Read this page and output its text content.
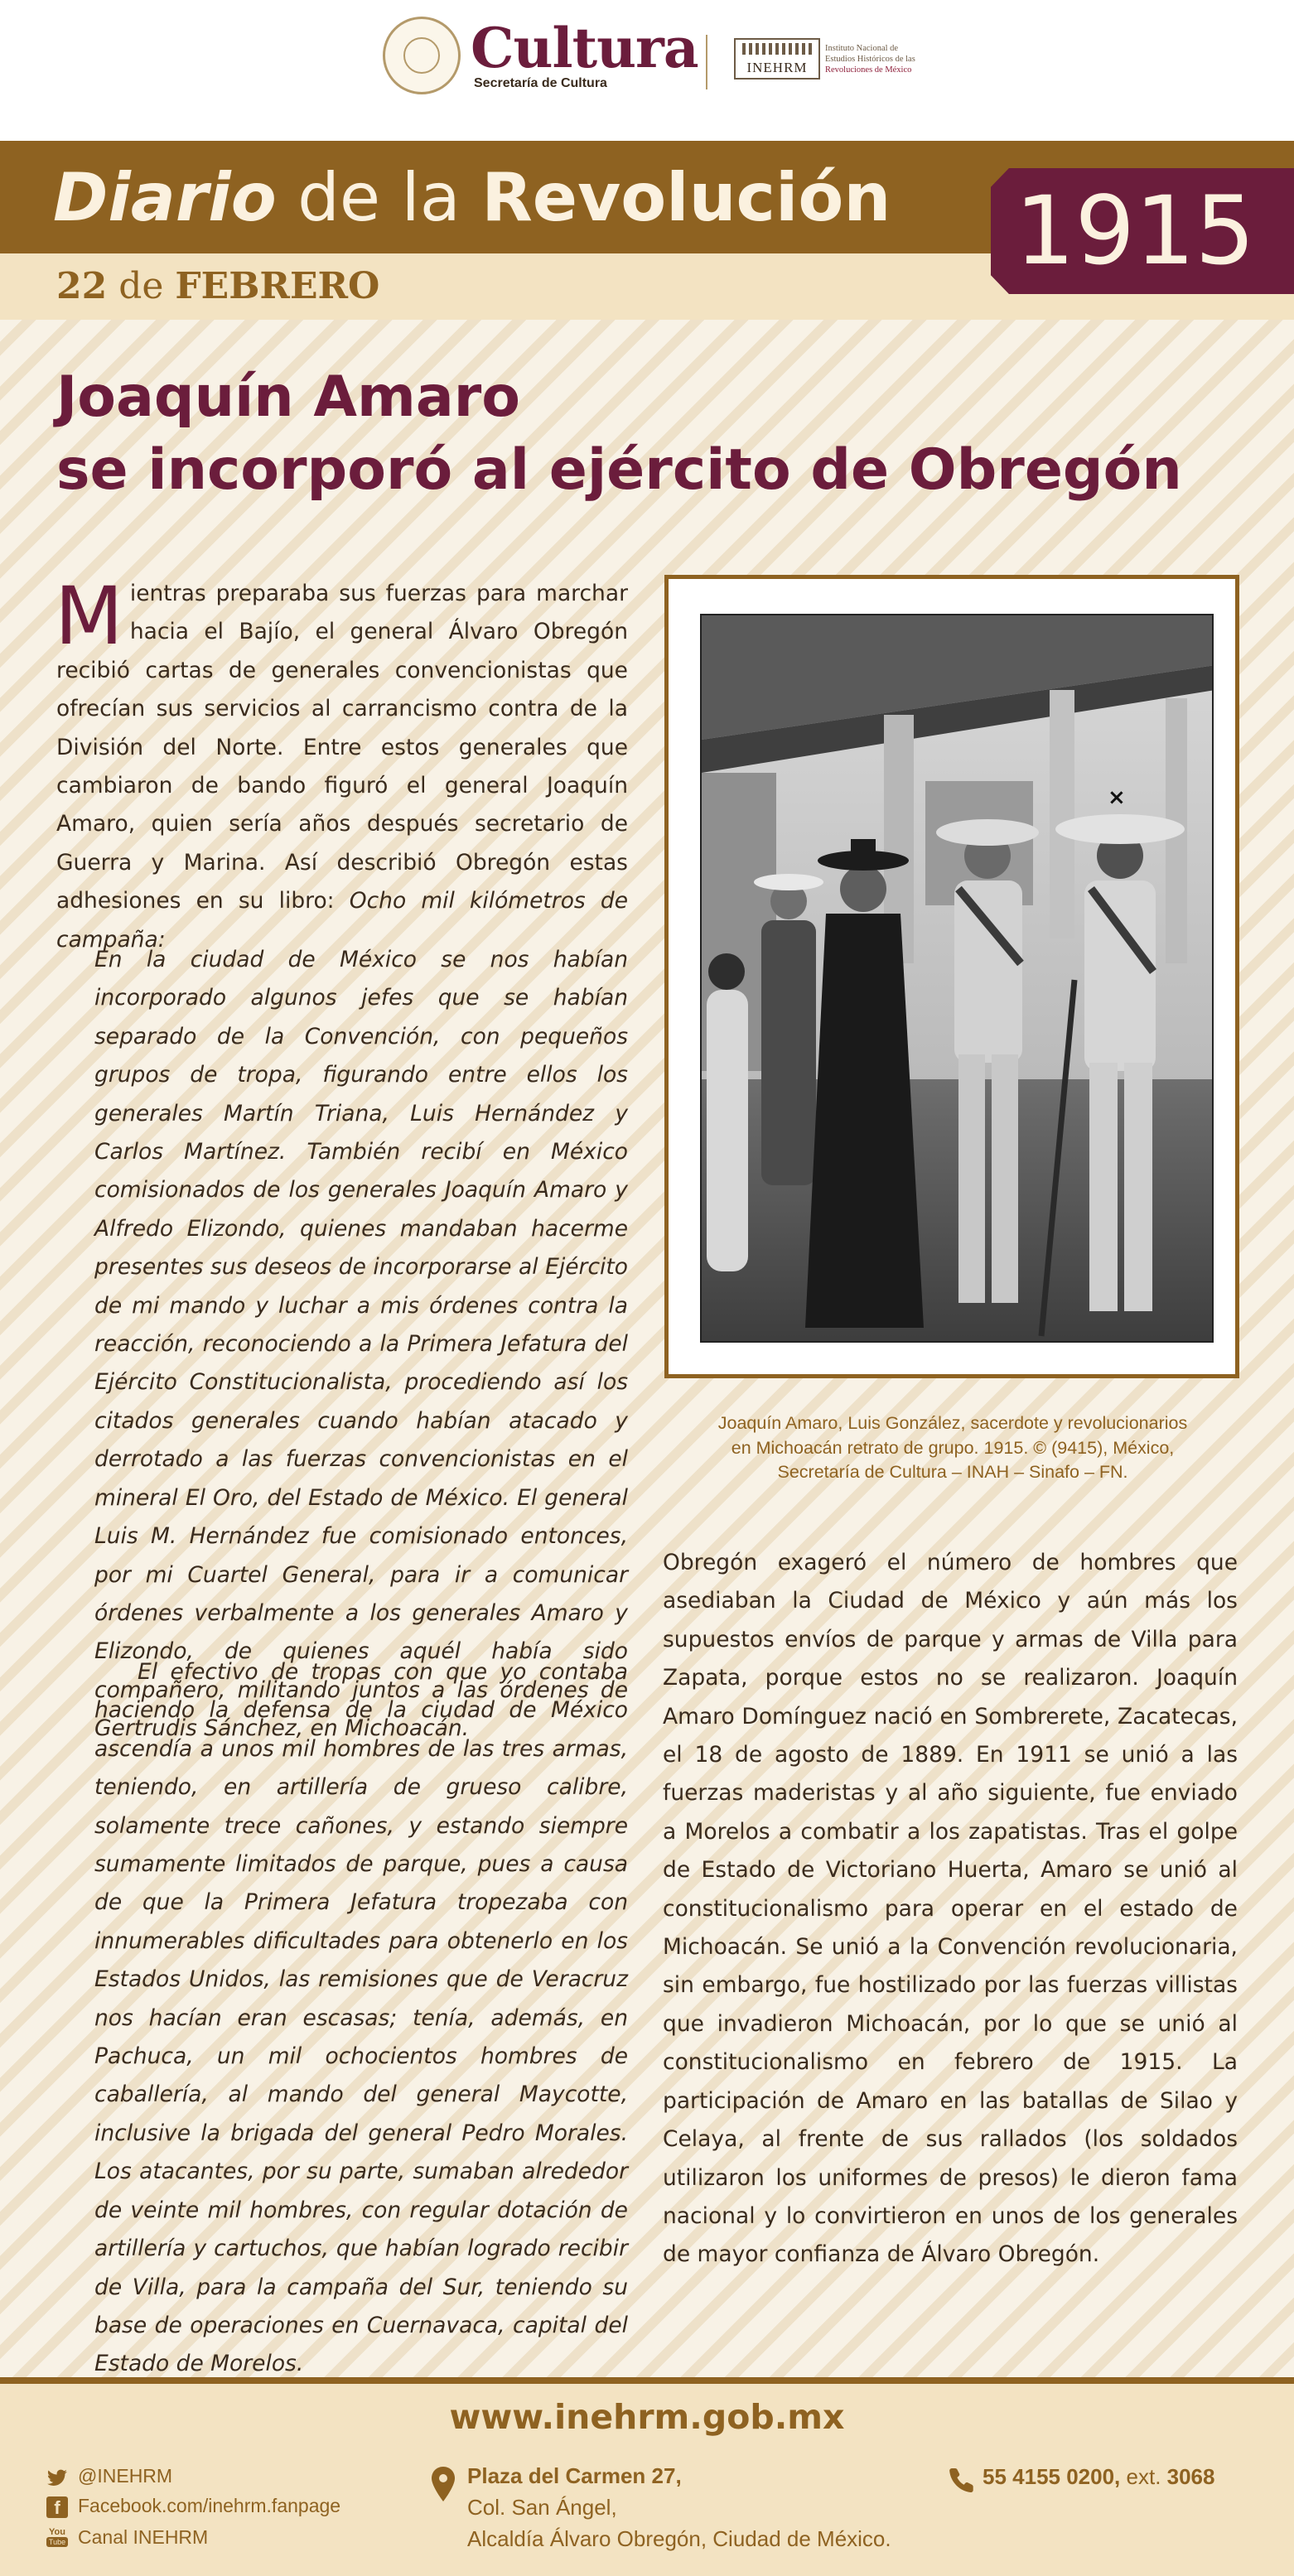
Cultura
Secretaría de Cultura
INEHRM
Instituto Nacional de
Estudios Históricos de las
Revoluciones de México
Diario de la Revolución
22 de FEBRERO
1915
Joaquín Amaro
se incorporó al ejército de Obregón
Mientras preparaba sus fuerzas para marchar hacia el Bajío, el general Álvaro Obregón recibió cartas de generales convencionistas que ofrecían sus servicios al carrancismo contra de la División del Norte. Entre estos generales que cambiaron de bando figuró el general Joaquín Amaro, quien sería años después secretario de Guerra y Marina. Así describió Obregón estas adhesiones en su libro: Ocho mil kilómetros de campaña:
En la ciudad de México se nos habían incorporado algunos jefes que se habían separado de la Convención, con pequeños grupos de tropa, figurando entre ellos los generales Martín Triana, Luis Hernández y Carlos Martínez. También recibí en México comisionados de los generales Joaquín Amaro y Alfredo Elizondo, quienes mandaban hacerme presentes sus deseos de incorporarse al Ejército de mi mando y luchar a mis órdenes contra la reacción, reconociendo a la Primera Jefatura del Ejército Constitucionalista, procediendo así los citados generales cuando habían atacado y derrotado a las fuerzas convencionistas en el mineral El Oro, del Estado de México. El general Luis M. Hernández fue comisionado entonces, por mi Cuartel General, para ir a comunicar órdenes verbalmente a los generales Amaro y Elizondo, de quienes aquél había sido compañero, militando juntos a las órdenes de Gertrudis Sánchez, en Michoacán.
El efectivo de tropas con que yo contaba haciendo la defensa de la ciudad de México ascendía a unos mil hombres de las tres armas, teniendo, en artillería de grueso calibre, solamente trece cañones, y estando siempre sumamente limitados de parque, pues a causa de que la Primera Jefatura tropezaba con innumerables dificultades para obtenerlo en los Estados Unidos, las remisiones que de Veracruz nos hacían eran escasas; tenía, además, en Pachuca, un mil ochocientos hombres de caballería, al mando del general Maycotte, inclusive la brigada del general Pedro Morales. Los atacantes, por su parte, sumaban alrededor de veinte mil hombres, con regular dotación de artillería y cartuchos, que habían logrado recibir de Villa, para la campaña del Sur, teniendo su base de operaciones en Cuernavaca, capital del Estado de Morelos.
×
Joaquín Amaro, Luis González, sacerdote y revolucionarios
en Michoacán retrato de grupo. 1915. © (9415), México,
Secretaría de Cultura – INAH – Sinafo – FN.
Obregón exageró el número de hombres que asediaban la Ciudad de México y aún más los supuestos envíos de parque y armas de Villa para Zapata, porque estos no se realizaron. Joaquín Amaro Domínguez nació en Sombrerete, Zacatecas, el 18 de agosto de 1889. En 1911 se unió a las fuerzas maderistas y al año siguiente, fue enviado a Morelos a combatir a los zapatistas. Tras el golpe de Estado de Victoriano Huerta, Amaro se unió al constitucionalismo para operar en el estado de Michoacán. Se unió a la Convención revolucionaria, sin embargo, fue hostilizado por las fuerzas villistas que invadieron Michoacán, por lo que se unió al constitucionalismo en febrero de 1915. La participación de Amaro en las batallas de Silao y Celaya, al frente de sus rallados (los soldados utilizaron los uniformes de presos) le dieron fama nacional y lo convirtieron en unos de los generales de mayor confianza de Álvaro Obregón.
www.inehrm.gob.mx
@INEHRM
f Facebook.com/inehrm.fanpage
You
Tube Canal INEHRM
Plaza del Carmen 27,
Col. San Ángel,
Alcaldía Álvaro Obregón, Ciudad de México.
55 4155 0200, ext. 3068
